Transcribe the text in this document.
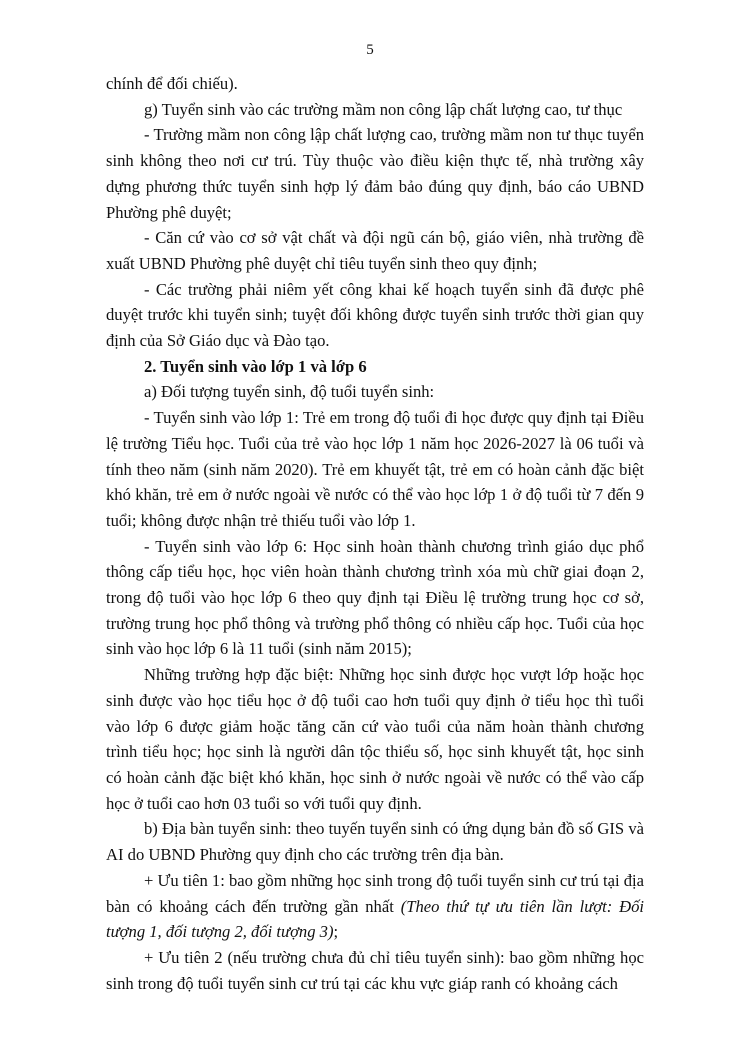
5

chính để đối chiếu).

g) Tuyển sinh vào các trường mầm non công lập chất lượng cao, tư thục

- Trường mầm non công lập chất lượng cao, trường mầm non tư thục tuyển sinh không theo nơi cư trú. Tùy thuộc vào điều kiện thực tế, nhà trường xây dựng phương thức tuyển sinh hợp lý đảm bảo đúng quy định, báo cáo UBND Phường phê duyệt;

- Căn cứ vào cơ sở vật chất và đội ngũ cán bộ, giáo viên, nhà trường đề xuất UBND Phường phê duyệt chỉ tiêu tuyển sinh theo quy định;

- Các trường phải niêm yết công khai kế hoạch tuyển sinh đã được phê duyệt trước khi tuyển sinh; tuyệt đối không được tuyển sinh trước thời gian quy định của Sở Giáo dục và Đào tạo.

2. Tuyển sinh vào lớp 1 và lớp 6

a) Đối tượng tuyển sinh, độ tuổi tuyển sinh:

- Tuyển sinh vào lớp 1: Trẻ em trong độ tuổi đi học được quy định tại Điều lệ trường Tiểu học. Tuổi của trẻ vào học lớp 1 năm học 2026-2027 là 06 tuổi và tính theo năm (sinh năm 2020). Trẻ em khuyết tật, trẻ em có hoàn cảnh đặc biệt khó khăn, trẻ em ở nước ngoài về nước có thể vào học lớp 1 ở độ tuổi từ 7 đến 9 tuổi; không được nhận trẻ thiếu tuổi vào lớp 1.

- Tuyển sinh vào lớp 6: Học sinh hoàn thành chương trình giáo dục phổ thông cấp tiểu học, học viên hoàn thành chương trình xóa mù chữ giai đoạn 2, trong độ tuổi vào học lớp 6 theo quy định tại Điều lệ trường trung học cơ sở, trường trung học phổ thông và trường phổ thông có nhiều cấp học. Tuổi của học sinh vào học lớp 6 là 11 tuổi (sinh năm 2015);

Những trường hợp đặc biệt: Những học sinh được học vượt lớp hoặc học sinh được vào học tiểu học ở độ tuổi cao hơn tuổi quy định ở tiểu học thì tuổi vào lớp 6 được giảm hoặc tăng căn cứ vào tuổi của năm hoàn thành chương trình tiểu học; học sinh là người dân tộc thiểu số, học sinh khuyết tật, học sinh có hoàn cảnh đặc biệt khó khăn, học sinh ở nước ngoài về nước có thể vào cấp học ở tuổi cao hơn 03 tuổi so với tuổi quy định.

b) Địa bàn tuyển sinh: theo tuyến tuyển sinh có ứng dụng bản đồ số GIS và AI do UBND Phường quy định cho các trường trên địa bàn.

+ Ưu tiên 1: bao gồm những học sinh trong độ tuổi tuyển sinh cư trú tại địa bàn có khoảng cách đến trường gần nhất (Theo thứ tự ưu tiên lần lượt: Đối tượng 1, đối tượng 2, đối tượng 3);

+ Ưu tiên 2 (nếu trường chưa đủ chỉ tiêu tuyển sinh): bao gồm những học sinh trong độ tuổi tuyển sinh cư trú tại các khu vực giáp ranh có khoảng cách
